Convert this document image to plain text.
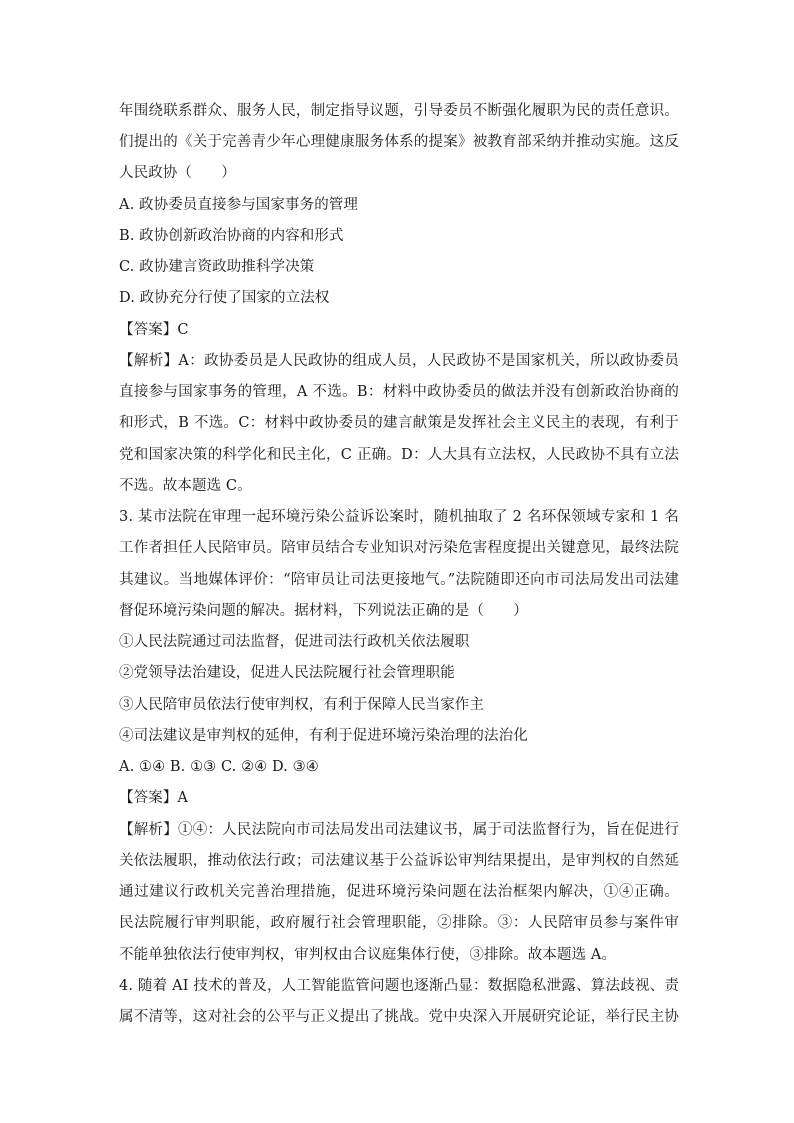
年围绕联系群众、服务人民，制定指导议题，引导委员不断强化履职为民的责任意识。
们提出的《关于完善青少年心理健康服务体系的提案》被教育部采纳并推动实施。这反
人民政协（　　）
A. 政协委员直接参与国家事务的管理
B. 政协创新政治协商的内容和形式
C. 政协建言资政助推科学决策
D. 政协充分行使了国家的立法权
【答案】C
【解析】A：政协委员是人民政协的组成人员，人民政协不是国家机关，所以政协委员
直接参与国家事务的管理，A 不选。B：材料中政协委员的做法并没有创新政治协商的
和形式，B 不选。C：材料中政协委员的建言献策是发挥社会主义民主的表现，有利于
党和国家决策的科学化和民主化，C 正确。D：人大具有立法权，人民政协不具有立法
不选。故本题选 C。
3. 某市法院在审理一起环境污染公益诉讼案时，随机抽取了 2 名环保领域专家和 1 名
工作者担任人民陪审员。陪审员结合专业知识对污染危害程度提出关键意见，最终法院
其建议。当地媒体评价：“陪审员让司法更接地气。”法院随即还向市司法局发出司法建
督促环境污染问题的解决。据材料，下列说法正确的是（　　）
①人民法院通过司法监督，促进司法行政机关依法履职
②党领导法治建设，促进人民法院履行社会管理职能
③人民陪审员依法行使审判权，有利于保障人民当家作主
④司法建议是审判权的延伸，有利于促进环境污染治理的法治化
A. ①④ B. ①③ C. ②④ D. ③④
【答案】A
【解析】①④：人民法院向市司法局发出司法建议书，属于司法监督行为，旨在促进行
关依法履职，推动依法行政；司法建议基于公益诉讼审判结果提出，是审判权的自然延
通过建议行政机关完善治理措施，促进环境污染问题在法治框架内解决，①④正确。
民法院履行审判职能，政府履行社会管理职能，②排除。③：人民陪审员参与案件审
不能单独依法行使审判权，审判权由合议庭集体行使，③排除。故本题选 A。
4. 随着 AI 技术的普及，人工智能监管问题也逐渐凸显：数据隐私泄露、算法歧视、责
属不清等，这对社会的公平与正义提出了挑战。党中央深入开展研究论证，举行民主协
